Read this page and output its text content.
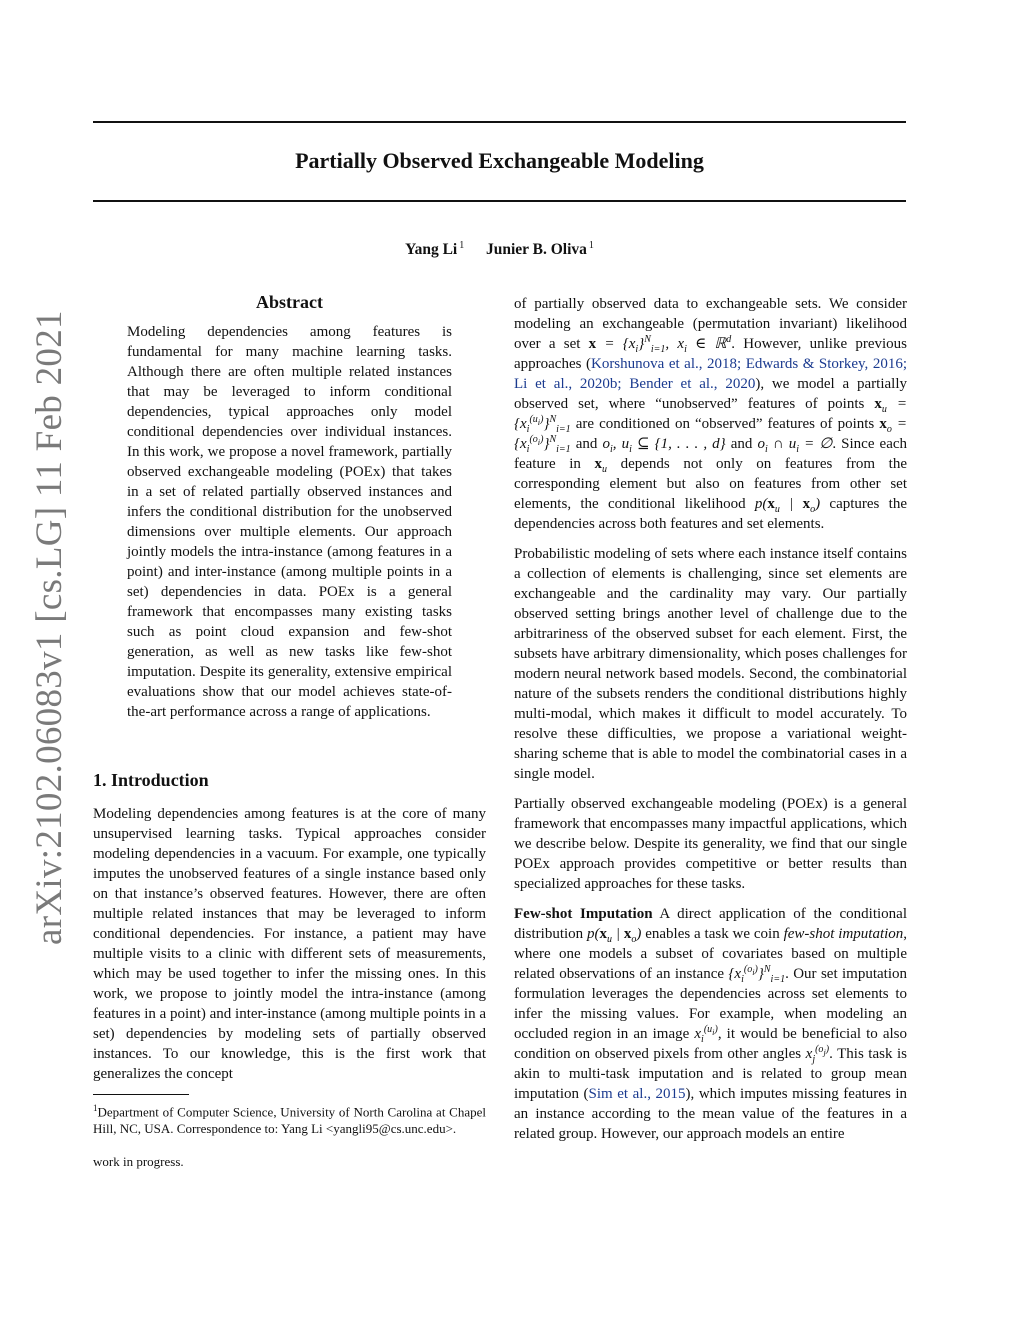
Partially Observed Exchangeable Modeling
Yang Li $^1$ Junier B. Oliva $^1$
arXiv:2102.06083v1 [cs.LG] 11 Feb 2021
Abstract
Modeling dependencies among features is fundamental for many machine learning tasks. Although there are often multiple related instances that may be leveraged to inform conditional dependencies, typical approaches only model conditional dependencies over individual instances. In this work, we propose a novel framework, partially observed exchangeable modeling (POEx) that takes in a set of related partially observed instances and infers the conditional distribution for the unobserved dimensions over multiple elements. Our approach jointly models the intra-instance (among features in a point) and inter-instance (among multiple points in a set) dependencies in data. POEx is a general framework that encompasses many existing tasks such as point cloud expansion and few-shot generation, as well as new tasks like few-shot imputation. Despite its generality, extensive empirical evaluations show that our model achieves state-of-the-art performance across a range of applications.
1. Introduction
Modeling dependencies among features is at the core of many unsupervised learning tasks. Typical approaches consider modeling dependencies in a vacuum. For example, one typically imputes the unobserved features of a single instance based only on that instance’s observed features. However, there are often multiple related instances that may be leveraged to inform conditional dependencies. For instance, a patient may have multiple visits to a clinic with different sets of measurements, which may be used together to infer the missing ones. In this work, we propose to jointly model the intra-instance (among features in a point) and inter-instance (among multiple points in a set) dependencies by modeling sets of partially observed instances. To our knowledge, this is the first work that generalizes the concept
$^1$Department of Computer Science, University of North Carolina at Chapel Hill, NC, USA. Correspondence to: Yang Li <yangli95@cs.unc.edu>.
work in progress.
of partially observed data to exchangeable sets. We consider modeling an exchangeable (permutation invariant) likelihood over a set $x = \{x_i\}^N_{i=1}$, $x_i$ ∈ ℝ$^d$. However, unlike previous approaches (Korshunova et al., 2018; Edwards & Storkey, 2016; Li et al., 2020b; Bender et al., 2020), we model a partially observed set, where “unobserved” features of points $x_u = \{x_i^{(u_i)}\}^N_{i=1}$ are conditioned on “observed” features of points $x_o = \{x_i^{(o_i)}\}^N_{i=1}$ and $o_i$, $u_i$ ⊆ {1, . . . , d} and $o_i$ ∩ $u_i$ = ∅. Since each feature in $x_u$ depends not only on features from the corresponding element but also on features from other set elements, the conditional likelihood $p(x_u$ | $x_o$) captures the dependencies across both features and set elements.
Probabilistic modeling of sets where each instance itself contains a collection of elements is challenging, since set elements are exchangeable and the cardinality may vary. Our partially observed setting brings another level of challenge due to the arbitrariness of the observed subset for each element. First, the subsets have arbitrary dimensionality, which poses challenges for modern neural network based models. Second, the combinatorial nature of the subsets renders the conditional distributions highly multi-modal, which makes it difficult to model accurately. To resolve these difficulties, we propose a variational weight-sharing scheme that is able to model the combinatorial cases in a single model.
Partially observed exchangeable modeling (POEx) is a general framework that encompasses many impactful applications, which we describe below. Despite its generality, we find that our single POEx approach provides competitive or better results than specialized approaches for these tasks.
Few-shot Imputation A direct application of the conditional distribution $p(x_u$ | $x_o$) enables a task we coin few-shot imputation, where one models a subset of covariates based on multiple related observations of an instance $\{x_i^{(o_i)}\}^N_{i=1}$. Our set imputation formulation leverages the dependencies across set elements to infer the missing values. For example, when modeling an occluded region in an image $x_i^{(u_i)}$, it would be beneficial to also condition on observed pixels from other angles $x_j^{(o_j)}$. This task is akin to multi-task imputation and is related to group mean imputation (Sim et al., 2015), which imputes missing features in an instance according to the mean value of the features in a related group. However, our approach models an entire
